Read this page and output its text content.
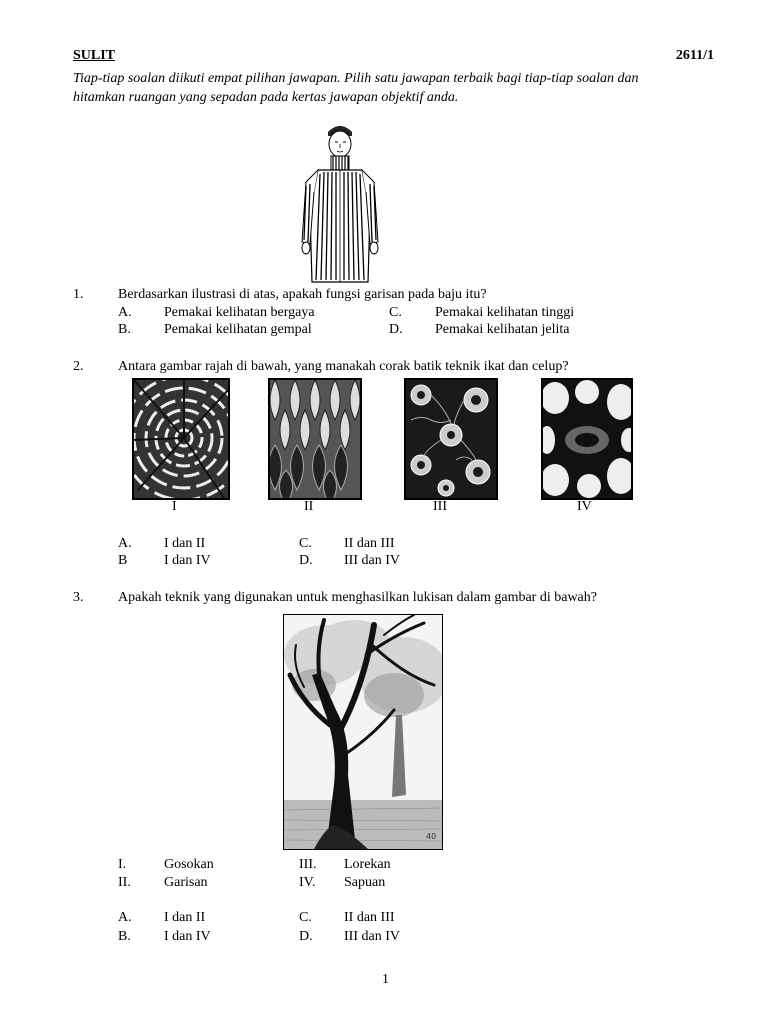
SULIT	2611/1
Tiap-tiap soalan diikuti empat pilihan jawapan. Pilih satu jawapan terbaik bagi tiap-tiap soalan dan
hitamkan ruangan yang sepadan pada kertas jawapan objektif anda.
1. Berdasarkan ilustrasi di atas, apakah fungsi garisan pada baju itu?
A. Pemakai kelihatan bergaya	C. Pemakai kelihatan tinggi
B. Pemakai kelihatan gempal	D. Pemakai kelihatan jelita
2. Antara gambar rajah di bawah, yang manakah corak batik teknik ikat dan celup?
I	II	III	IV
A. I dan II	C. II dan III
B	I dan IV	D. III dan IV
3. Apakah teknik yang digunakan untuk menghasilkan lukisan dalam gambar di bawah?
40
I.	Gosokan	III. Lorekan
II. Garisan	IV. Sapuan
A. I dan II	C. II dan III
B. I dan IV	D. III dan IV
1
